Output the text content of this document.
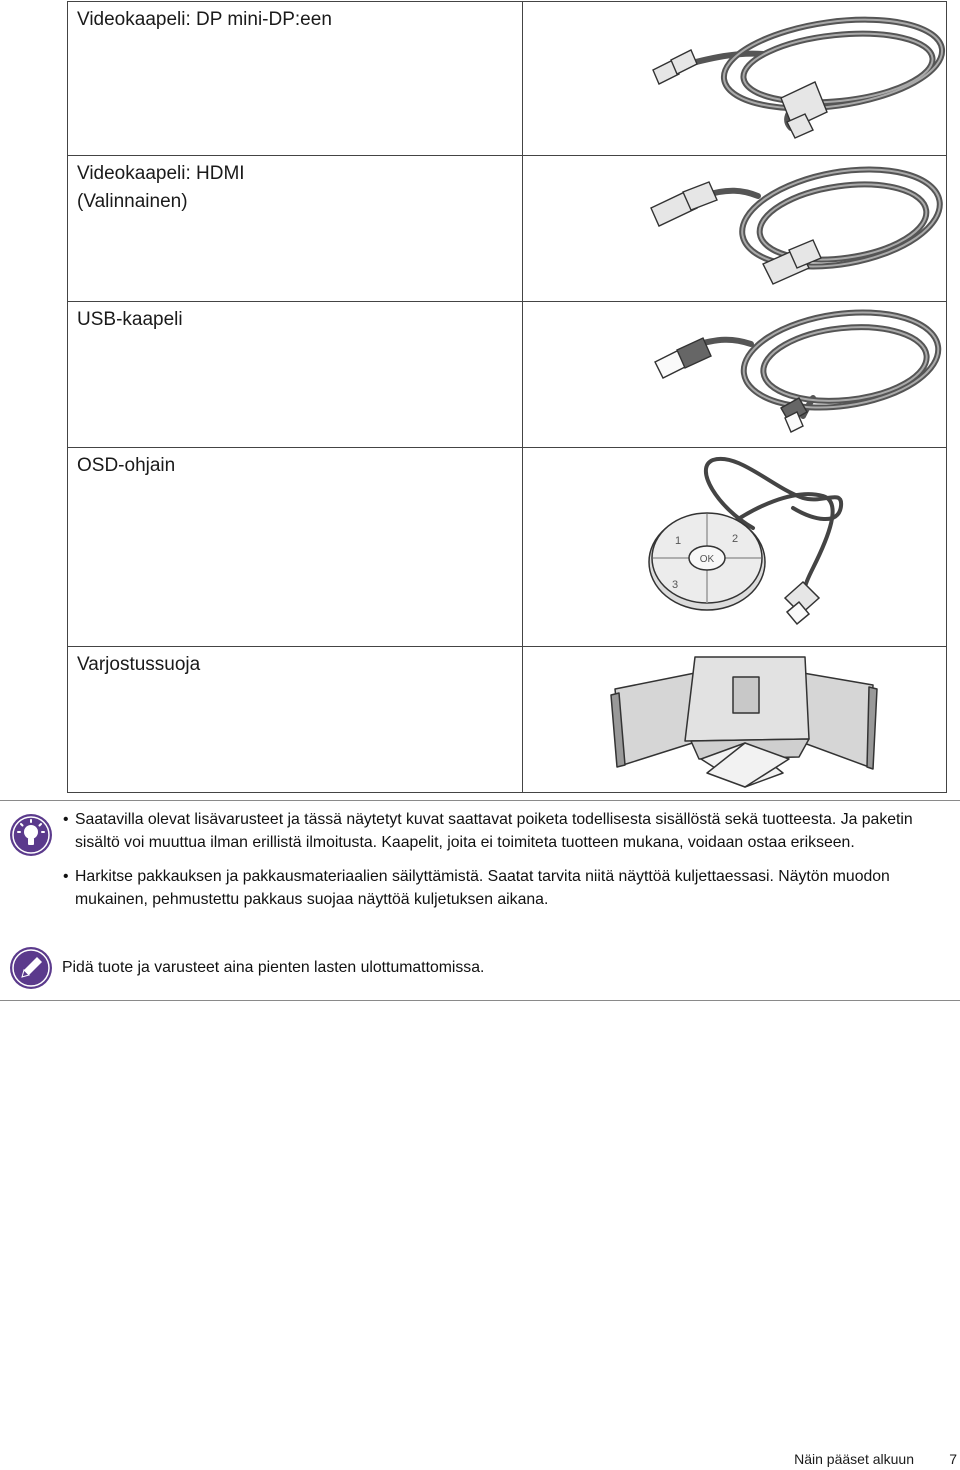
Videokaapeli: DP mini-DP:een	

Videokaapeli: HDMI
(Valinnainen)	

USB-kaapeli	

OSD-ohjain	OK
1 2
3

Varjostussuoja	
• Saatavilla olevat lisävarusteet ja tässä näytetyt kuvat saattavat poiketa todellisesta sisällöstä sekä tuotteesta. Ja paketin sisältö voi muuttua ilman erillistä ilmoitusta. Kaapelit, joita ei toimiteta tuotteen mukana, voidaan ostaa erikseen.
• Harkitse pakkauksen ja pakkausmateriaalien säilyttämistä. Saatat tarvita niitä näyttöä kuljettaessasi. Näytön muodon mukainen, pehmustettu pakkaus suojaa näyttöä kuljetuksen aikana.
Pidä tuote ja varusteet aina pienten lasten ulottumattomissa.
Näin pääset alkuun	7
